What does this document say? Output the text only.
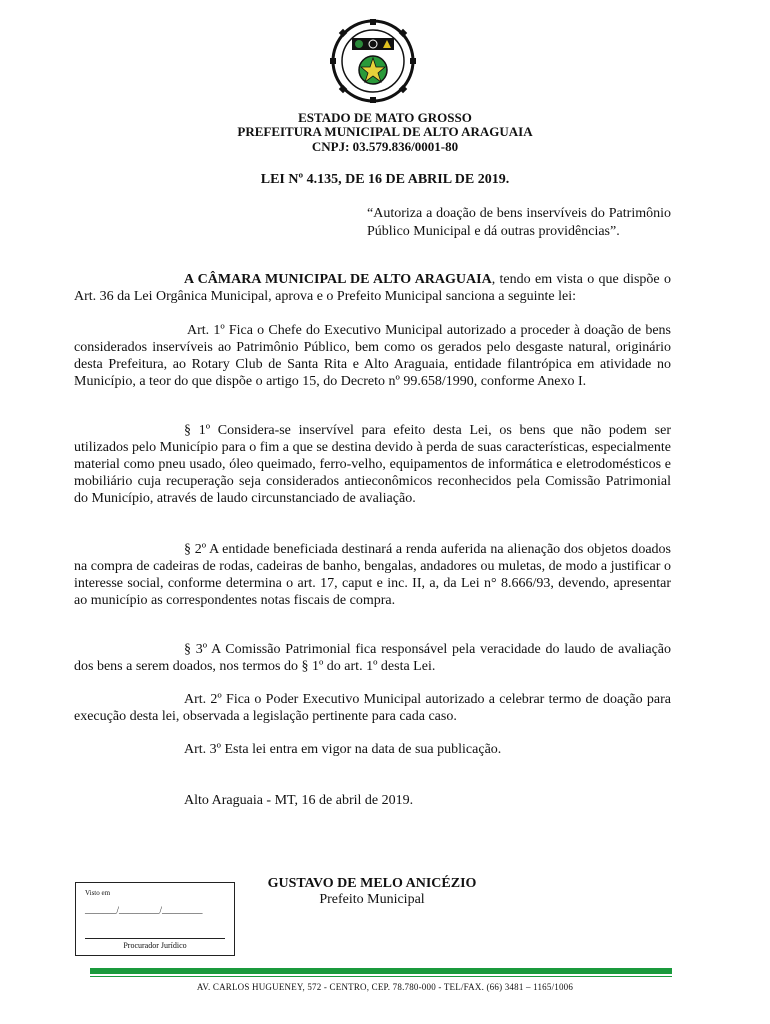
ESTADO DE MATO GROSSO
PREFEITURA MUNICIPAL DE ALTO ARAGUAIA
CNPJ: 03.579.836/0001-80
LEI Nº 4.135, DE 16 DE ABRIL DE 2019.
“Autoriza a doação de bens inservíveis do Patrimônio Público Municipal e dá outras providências”.
A CÂMARA MUNICIPAL DE ALTO ARAGUAIA, tendo em vista o que dispõe o Art. 36 da Lei Orgânica Municipal, aprova e o Prefeito Municipal sanciona a seguinte lei:
Art. 1º Fica o Chefe do Executivo Municipal autorizado a proceder à doação de bens considerados inservíveis ao Patrimônio Público, bem como os gerados pelo desgaste natural, originário desta Prefeitura, ao Rotary Club de Santa Rita e Alto Araguaia, entidade filantrópica em atividade no Município, a teor do que dispõe o artigo 15, do Decreto nº 99.658/1990, conforme Anexo I.
§ 1º Considera-se inservível para efeito desta Lei, os bens que não podem ser utilizados pelo Município para o fim a que se destina devido à perda de suas características, especialmente material como pneu usado, óleo queimado, ferro-velho, equipamentos de informática e eletrodomésticos e mobiliário cuja recuperação seja considerados antieconômicos reconhecidos pela Comissão Patrimonial do Município, através de laudo circunstanciado de avaliação.
§ 2º A entidade beneficiada destinará a renda auferida na alienação dos objetos doados na compra de cadeiras de rodas, cadeiras de banho, bengalas, andadores ou muletas, de modo a justificar o interesse social, conforme determina o art. 17, caput e inc. II, a, da Lei n° 8.666/93, devendo, apresentar ao município as correspondentes notas fiscais de compra.
§ 3º A Comissão Patrimonial fica responsável pela veracidade do laudo de avaliação dos bens a serem doados, nos termos do § 1º do art. 1º desta Lei.
Art. 2º Fica o Poder Executivo Municipal autorizado a celebrar termo de doação para execução desta lei, observada a legislação pertinente para cada caso.
Art. 3º Esta lei entra em vigor na data de sua publicação.
Alto Araguaia - MT, 16 de abril de 2019.
GUSTAVO DE MELO ANICÉZIO
Prefeito Municipal
Visto em
_______/_________/_________
Procurador Jurídico
AV. CARLOS HUGUENEY, 572 - CENTRO, CEP. 78.780-000 - TEL/FAX. (66) 3481 – 1165/1006
